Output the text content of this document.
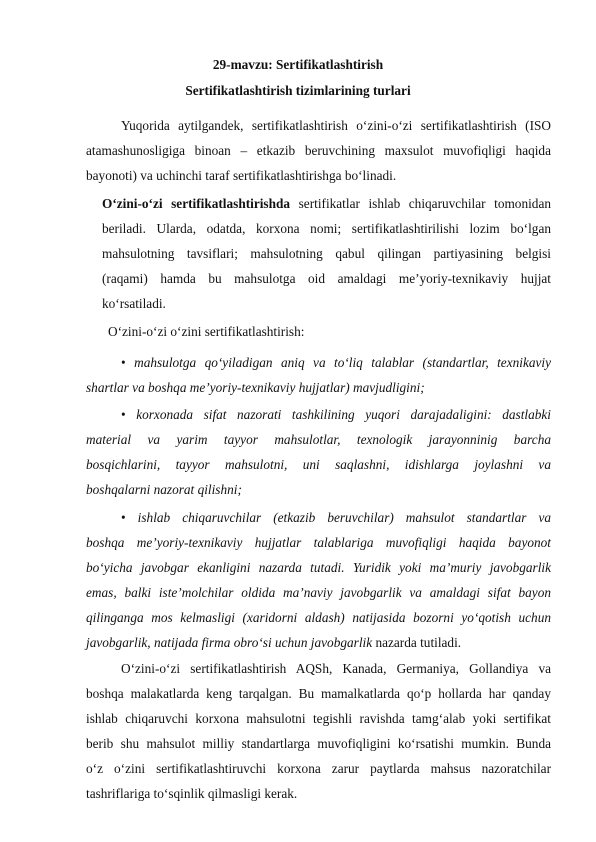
29-mavzu: Sertifikatlashtirish
Sertifikatlashtirish tizimlarining turlari
Yuqorida aytilgandek, sertifikatlashtirish o‘zini-o‘zi sertifikatlashtirish (ISO
atamashunosligiga binoan – etkazib beruvchining maxsulot muvofiqligi haqida
bayonoti) va uchinchi taraf sertifikatlashtirishga bo‘linadi.
O‘zini-o‘zi sertifikatlashtirishda sertifikatlar ishlab chiqaruvchilar tomonidan
beriladi. Ularda, odatda, korxona nomi; sertifikatlashtirilishi lozim bo‘lgan
mahsulotning tavsiflari; mahsulotning qabul qilingan partiyasining belgisi
(raqami) hamda bu mahsulotga oid amaldagi me’yoriy-texnikaviy hujjat
ko‘rsatiladi.
O‘zini-o‘zi o‘zini sertifikatlashtirish:
• mahsulotga qo‘yiladigan aniq va to‘liq talablar (standartlar, texnikaviy
shartlar va boshqa me’yoriy-texnikaviy hujjatlar) mavjudligini;
• korxonada sifat nazorati tashkilining yuqori darajadaligini: dastlabki
material va yarim tayyor mahsulotlar, texnologik jarayonninig barcha
bosqichlarini, tayyor mahsulotni, uni saqlashni, idishlarga joylashni va
boshqalarni nazorat qilishni;
• ishlab chiqaruvchilar (etkazib beruvchilar) mahsulot standartlar va
boshqa me’yoriy-texnikaviy hujjatlar talablariga muvofiqligi haqida bayonot
bo‘yicha javobgar ekanligini nazarda tutadi. Yuridik yoki ma’muriy javobgarlik
emas, balki iste’molchilar oldida ma’naviy javobgarlik va amaldagi sifat bayon
qilinganga mos kelmasligi (xaridorni aldash) natijasida bozorni yo‘qotish uchun
javobgarlik, natijada firma obro‘si uchun javobgarlik nazarda tutiladi.
O‘zini-o‘zi sertifikatlashtirish AQSh, Kanada, Germaniya, Gollandiya va
boshqa malakatlarda keng tarqalgan. Bu mamalkatlarda qo‘p hollarda har qanday
ishlab chiqaruvchi korxona mahsulotni tegishli ravishda tamg‘alab yoki sertifikat
berib shu mahsulot milliy standartlarga muvofiqligini ko‘rsatishi mumkin. Bunda
o‘z o‘zini sertifikatlashtiruvchi korxona zarur paytlarda mahsus nazoratchilar
tashriflariga to‘sqinlik qilmasligi kerak.
